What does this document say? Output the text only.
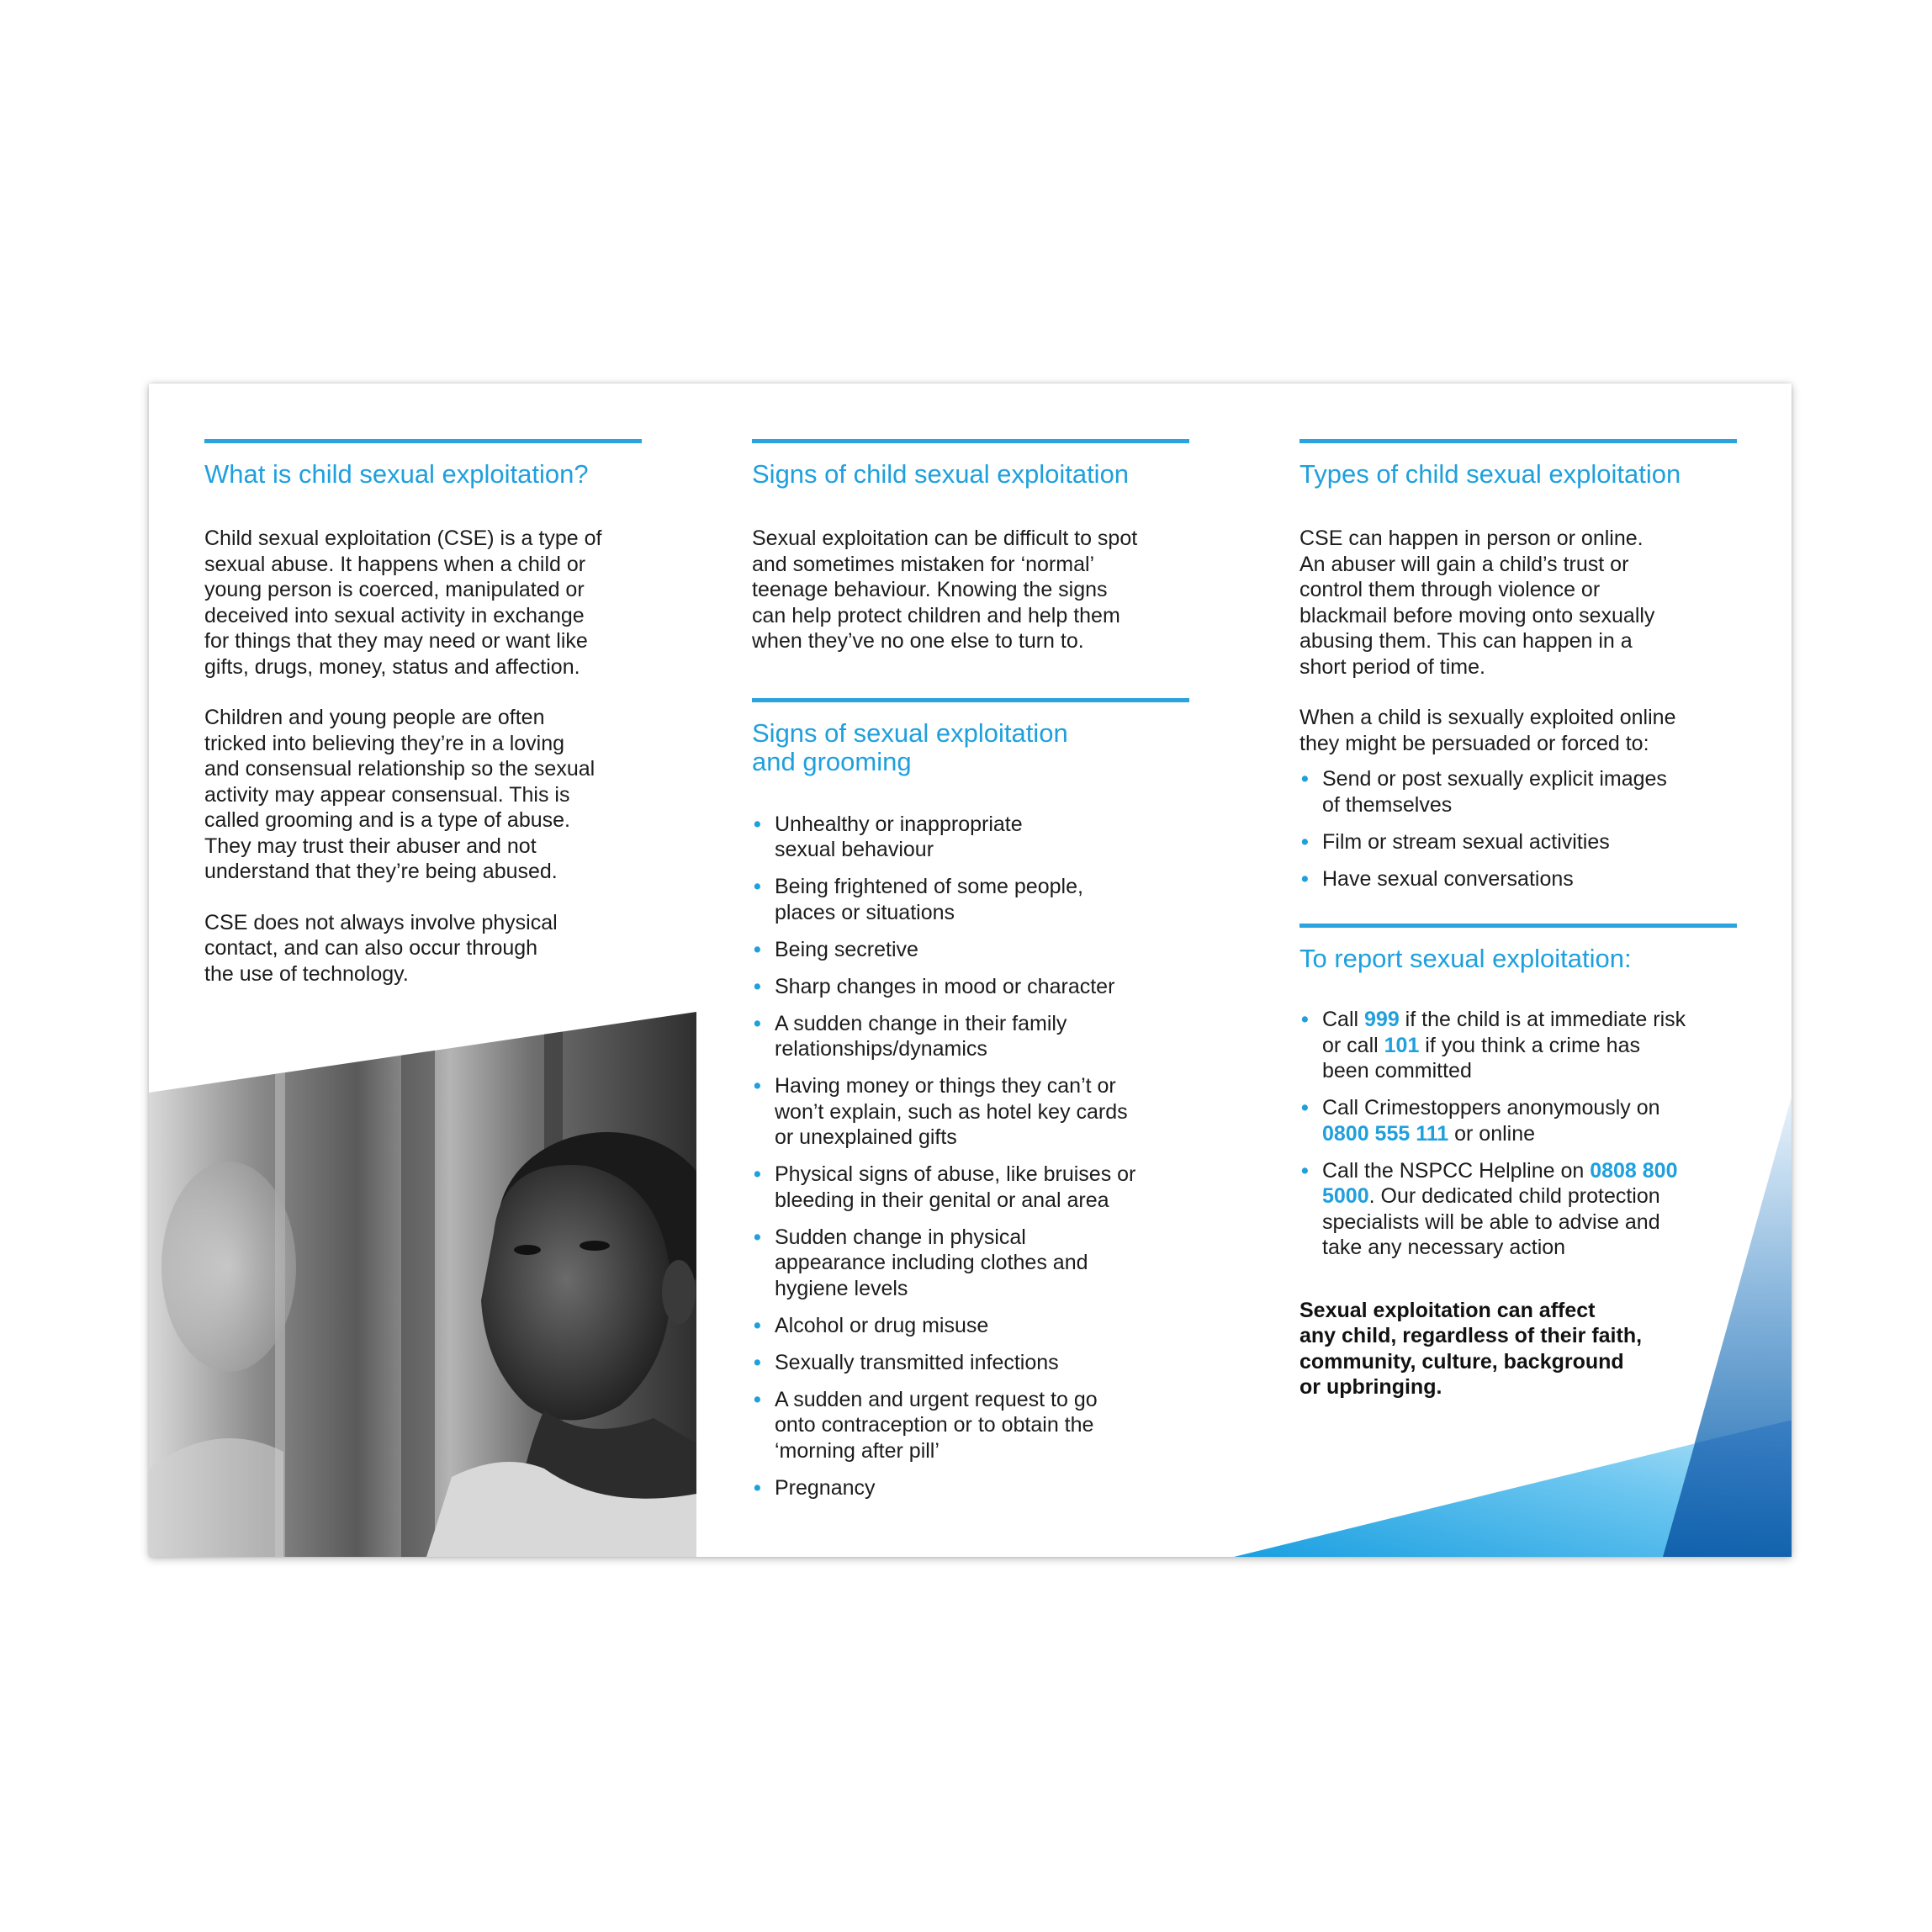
What is child sexual exploitation?

Child sexual exploitation (CSE) is a type of
sexual abuse. It happens when a child or
young person is coerced, manipulated or
deceived into sexual activity in exchange
for things that they may need or want like
gifts, drugs, money, status and affection.

Children and young people are often
tricked into believing they’re in a loving
and consensual relationship so the sexual
activity may appear consensual. This is
called grooming and is a type of abuse.
They may trust their abuser and not
understand that they’re being abused.

CSE does not always involve physical
contact, and can also occur through
the use of technology.

Signs of child sexual exploitation

Sexual exploitation can be difficult to spot
and sometimes mistaken for ‘normal’
teenage behaviour. Knowing the signs
can help protect children and help them
when they’ve no one else to turn to.

Signs of sexual exploitation
and grooming
• Unhealthy or inappropriate
sexual behaviour
• Being frightened of some people,
places or situations
• Being secretive
• Sharp changes in mood or character
• A sudden change in their family
relationships/dynamics
• Having money or things they can’t or
won’t explain, such as hotel key cards
or unexplained gifts
• Physical signs of abuse, like bruises or
bleeding in their genital or anal area
• Sudden change in physical
appearance including clothes and
hygiene levels
• Alcohol or drug misuse
• Sexually transmitted infections
• A sudden and urgent request to go
onto contraception or to obtain the
‘morning after pill’
• Pregnancy
Types of child sexual exploitation

CSE can happen in person or online.
An abuser will gain a child’s trust or
control them through violence or
blackmail before moving onto sexually
abusing them. This can happen in a
short period of time.

When a child is sexually exploited online
they might be persuaded or forced to:

• Send or post sexually explicit images
of themselves
• Film or stream sexual activities
• Have sexual conversations
To report sexual exploitation:
• Call 999 if the child is at immediate risk
or call 101 if you think a crime has
been committed
• Call Crimestoppers anonymously on
0800 555 111 or online
• Call the NSPCC Helpline on 0808 800
5000. Our dedicated child protection
specialists will be able to advise and
take any necessary action
Sexual exploitation can affect
any child, regardless of their faith,
community, culture, background
or upbringing.
